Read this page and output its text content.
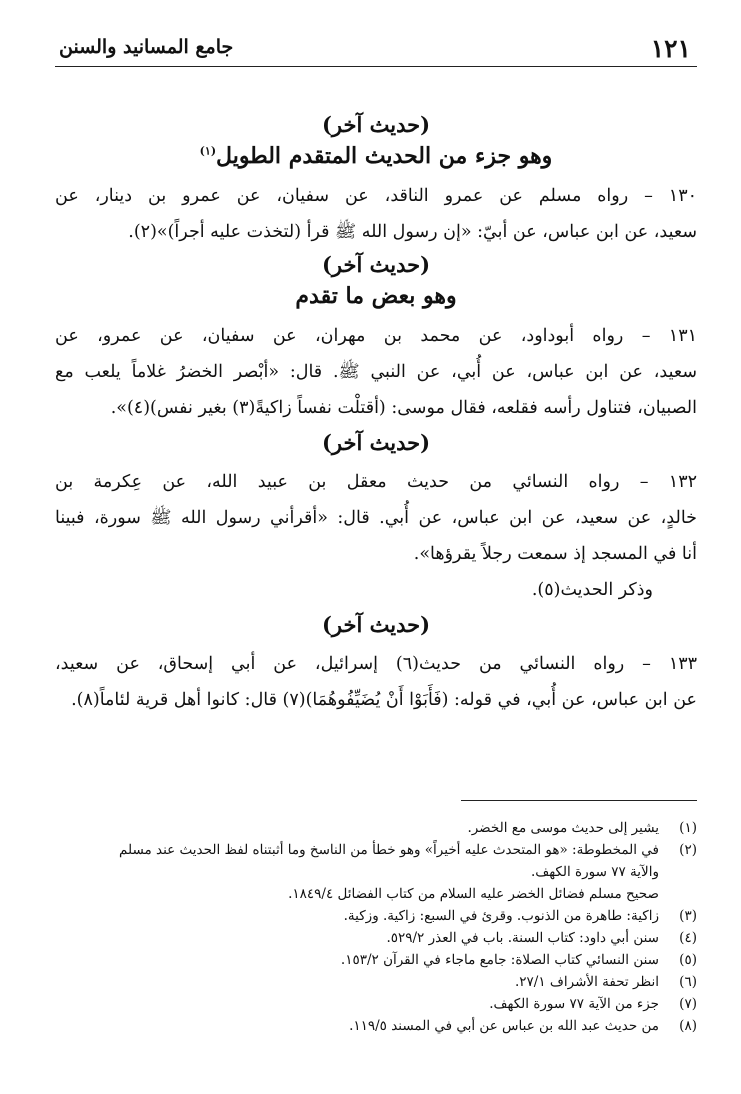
١٢١
جامع المسانيد والسنن

(حديث آخر)

وهو جزء من الحديث المتقدم الطويل$^{(١)}$

١٣٠ – رواه مسلم عن عمرو الناقد، عن سفيان، عن عمرو بن دينار، عن

سعيد، عن ابن عباس، عن أبيّ: «إن رسول الله ﷺ قرأ (لتخذت عليه أجراً)»(٢).

(حديث آخر)

وهو بعض ما تقدم

١٣١ – رواه أبوداود، عن محمد بن مهران، عن سفيان، عن عمرو، عن

سعيد، عن ابن عباس، عن أُبي، عن النبي ﷺ. قال: «أبْصر الخضرُ غلاماً يلعب مع

الصبيان، فتناول رأسه فقلعه، فقال موسى: (أقتلْت نفساً زاكيةً(٣) بغير نفس)(٤)».

(حديث آخر)

١٣٢ – رواه النسائي من حديث معقل بن عبيد الله، عن عِكرمة بن

خالدٍ، عن سعيد، عن ابن عباس، عن أُبي. قال: «أقرأني رسول الله ﷺ سورة، فبينا

أنا في المسجد إذ سمعت رجلاً يقرؤها».

وذكر الحديث(٥).

(حديث آخر)

١٣٣ – رواه النسائي من حديث(٦) إسرائيل، عن أبي إسحاق، عن سعيد،

عن ابن عباس، عن أُبي، في قوله: (فَأَبَوْا أَنْ يُضَيِّفُوهُمَا)(٧) قال: كانوا أهل قرية لئاماً(٨).

(١)
يشير إلى حديث موسى مع الخضر.
(٢)
في المخطوطة: «هو المتحدث عليه أخيراً» وهو خطأ من الناسخ وما أثبتناه لفظ الحديث عند مسلم
والآية ٧٧ سورة الكهف.
صحيح مسلم فضائل الخضر عليه السلام من كتاب الفضائل ١٨٤٩/٤.
(٣)
زاكية: طاهرة من الذنوب. وقرئ في السبع: زاكية. وزكية.
(٤)
سنن أبي داود: كتاب السنة. باب في العذر ٥٢٩/٢.
(٥)
سنن النسائي كتاب الصلاة: جامع ماجاء في القرآن ١٥٣/٢.
(٦)
انظر تحفة الأشراف ٢٧/١.
(٧)
جزء من الآية ٧٧ سورة الكهف.
(٨)
من حديث عبد الله بن عباس عن أبي في المسند ١١٩/٥.
